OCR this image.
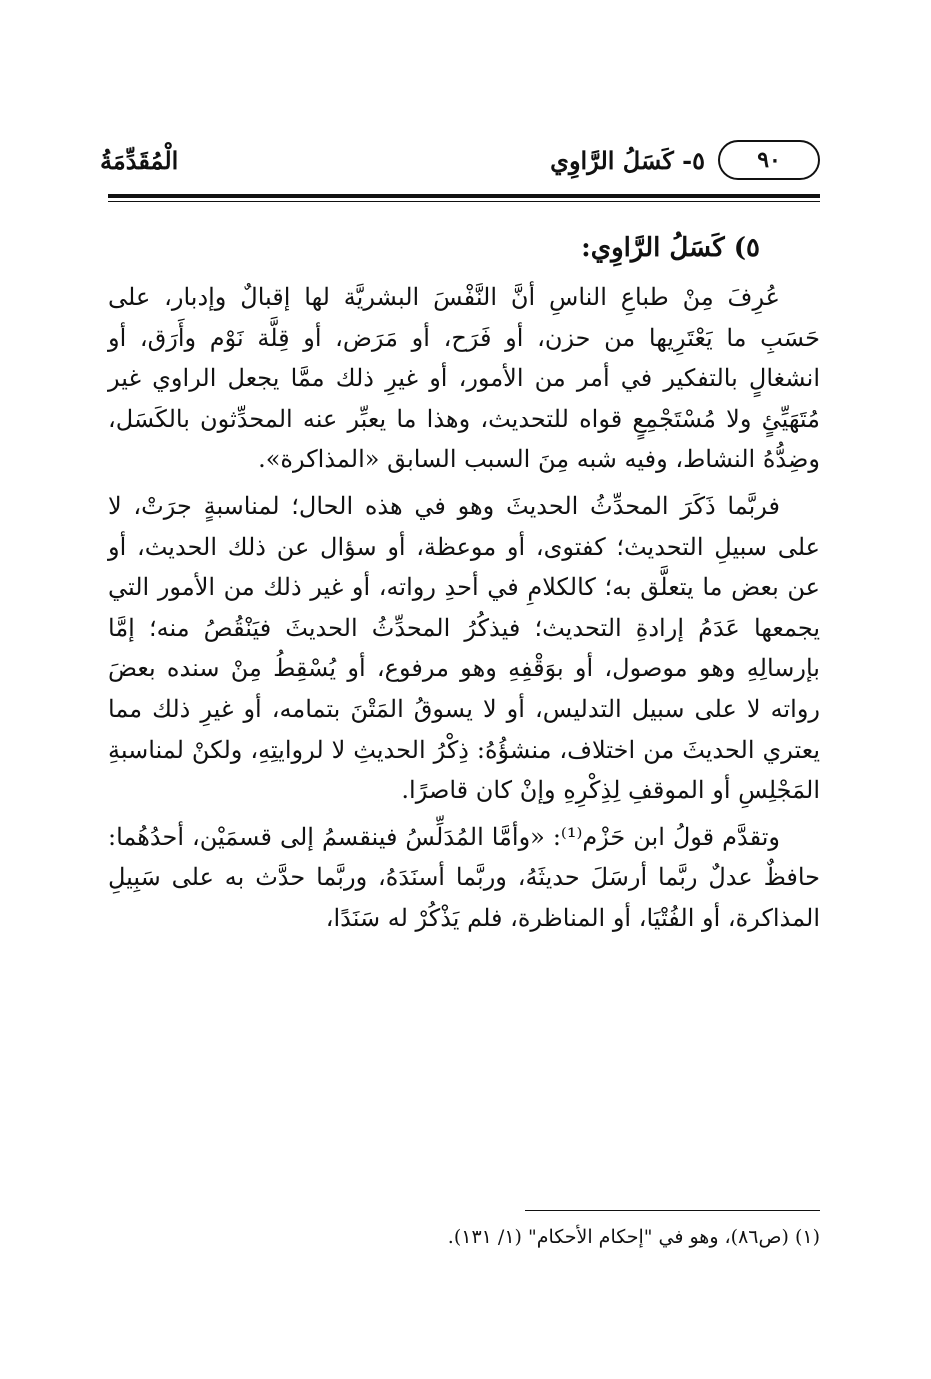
٩٠
٥- كَسَلُ الرَّاوِي
الْمُقَدِّمَةُ
٥) كَسَلُ الرَّاوِي:

عُرِفَ مِنْ طباعِ الناسِ أنَّ النَّفْسَ البشريَّة لها إقبالٌ وإدبار، على حَسَبِ ما يَعْتَرِيها من حزن، أو فَرَح، أو مَرَض، أو قِلَّة نَوْم وأَرَق، أو انشغالٍ بالتفكير في أمر من الأمور، أو غيرِ ذلك ممَّا يجعل الراوي غير مُتَهَيِّئٍ ولا مُسْتَجْمِعٍ قواه للتحديث، وهذا ما يعبِّر عنه المحدِّثون بالكَسَل، وضِدُّهُ النشاط، وفيه شبه مِنَ السبب السابق «المذاكرة».

فربَّما ذَكَرَ المحدِّثُ الحديثَ وهو في هذه الحال؛ لمناسبةٍ جرَتْ، لا على سبيلِ التحديث؛ كفتوى، أو موعظة، أو سؤال عن ذلك الحديث، أو عن بعض ما يتعلَّق به؛ كالكلامِ في أحدِ رواته، أو غير ذلك من الأمور التي يجمعها عَدَمُ إرادةِ التحديث؛ فيذكُرُ المحدِّثُ الحديثَ فيَنْقُصُ منه؛ إمَّا بإرسالِهِ وهو موصول، أو بوَقْفِهِ وهو مرفوع، أو يُسْقِطُ مِنْ سنده بعضَ رواته لا على سبيل التدليس، أو لا يسوقُ المَتْنَ بتمامه، أو غيرِ ذلك مما يعتري الحديثَ من اختلاف، منشؤُهُ: ذِكْرُ الحديثِ لا لروايتِهِ، ولكنْ لمناسبةِ المَجْلِسِ أو الموقفِ لِذِكْرِهِ وإنْ كان قاصرًا.

وتقدَّم قولُ ابن حَزْم⁽¹⁾: «وأمَّا المُدَلِّسُ فينقسمُ إلى قسمَيْن، أحدُهُما: حافظٌ عدلٌ ربَّما أرسَلَ حديثَهُ، وربَّما أسنَدَهُ، وربَّما حدَّث به على سَبِيلِ المذاكرة، أو الفُتْيَا، أو المناظرة، فلم يَذْكُرْ له سَنَدًا،

(١) (ص٨٦)، وهو في "إحكام الأحكام" (١/ ١٣١).
